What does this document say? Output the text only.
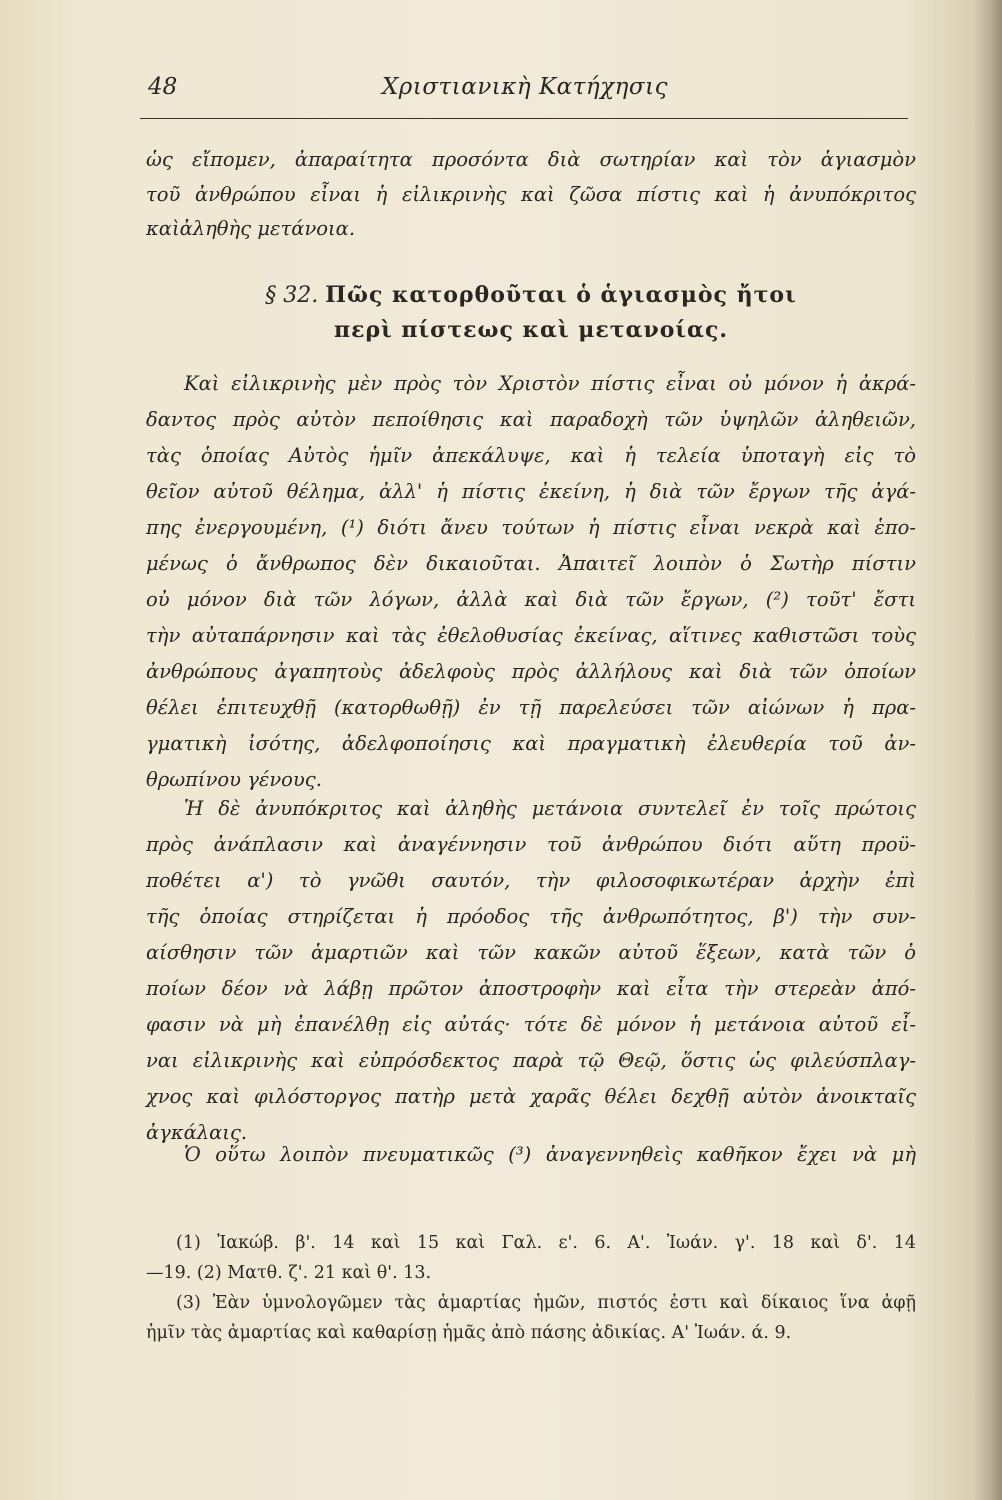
48	Χριστιανικὴ Κατήχησις
ὡς εἴπομεν, ἀπαραίτητα προσόντα διὰ σωτηρίαν καὶ τὸν ἁγιασμὸν
τοῦ ἀνθρώπου εἶναι ἡ εἰλικρινὴς καὶ ζῶσα πίστις καὶ ἡ ἀνυπόκριτος
καὶἀληθὴς μετάνοια.
§ 32. Πῶς κατορθοῦται ὁ ἁγιασμὸς ἤτοι
περὶ πίστεως καὶ μετανοίας.
Καὶ εἰλικρινὴς μὲν πρὸς τὸν Χριστὸν πίστις εἶναι οὐ μόνον ἡ ἀκρά-
δαντος πρὸς αὐτὸν πεποίθησις καὶ παραδοχὴ τῶν ὑψηλῶν ἀληθειῶν,
τὰς ὁποίας Αὐτὸς ἡμῖν ἀπεκάλυψε, καὶ ἡ τελεία ὑποταγὴ εἰς τὸ
θεῖον αὐτοῦ θέλημα, ἀλλ' ἡ πίστις ἐκείνη, ἡ διὰ τῶν ἔργων τῆς ἀγά-
πης ἐνεργουμένη, (¹) διότι ἄνευ τούτων ἡ πίστις εἶναι νεκρὰ καὶ ἑπο-
μένως ὁ ἄνθρωπος δὲν δικαιοῦται. Ἀπαιτεῖ λοιπὸν ὁ Σωτὴρ πίστιν
οὐ μόνον διὰ τῶν λόγων, ἀλλὰ καὶ διὰ τῶν ἔργων, (²) τοῦτ' ἔστι
τὴν αὐταπάρνησιν καὶ τὰς ἐθελοθυσίας ἐκείνας, αἵτινες καθιστῶσι τοὺς
ἀνθρώπους ἀγαπητοὺς ἀδελφοὺς πρὸς ἀλλήλους καὶ διὰ τῶν ὁποίων
θέλει ἐπιτευχθῇ (κατορθωθῇ) ἐν τῇ παρελεύσει τῶν αἰώνων ἡ πρα-
γματικὴ ἰσότης, ἀδελφοποίησις καὶ πραγματικὴ ἐλευθερία τοῦ ἀν-
θρωπίνου γένους.
Ἡ δὲ ἀνυπόκριτος καὶ ἀληθὴς μετάνοια συντελεῖ ἐν τοῖς πρώτοις
πρὸς ἀνάπλασιν καὶ ἀναγέννησιν τοῦ ἀνθρώπου διότι αὕτη προϋ-
ποθέτει α') τὸ γνῶθι σαυτόν, τὴν φιλοσοφικωτέραν ἀρχὴν ἐπὶ
τῆς ὁποίας στηρίζεται ἡ πρόοδος τῆς ἀνθρωπότητος, β') τὴν συν-
αίσθησιν τῶν ἁμαρτιῶν καὶ τῶν κακῶν αὐτοῦ ἕξεων, κατὰ τῶν ὁ
ποίων δέον νὰ λάβῃ πρῶτον ἀποστροφὴν καὶ εἶτα τὴν στερεὰν ἀπό-
φασιν νὰ μὴ ἐπανέλθῃ εἰς αὐτάς· τότε δὲ μόνον ἡ μετάνοια αὐτοῦ εἶ-
ναι εἰλικρινὴς καὶ εὐπρόσδεκτος παρὰ τῷ Θεῷ, ὅστις ὡς φιλεύσπλαγ-
χνος καὶ φιλόστοργος πατὴρ μετὰ χαρᾶς θέλει δεχθῇ αὐτὸν ἀνοικταῖς
ἀγκάλαις.
Ὁ οὕτω λοιπὸν πνευματικῶς (³) ἀναγεννηθεὶς καθῆκον ἔχει νὰ μὴ
(1) Ἰακώβ. β'. 14 καὶ 15 καὶ Γαλ. ε'. 6. Α'. Ἰωάν. γ'. 18 καὶ δ'. 14
—19. (2) Ματθ. ζ'. 21 καὶ θ'. 13.
(3) Ἐὰν ὑμνολογῶμεν τὰς ἁμαρτίας ἡμῶν, πιστός ἐστι καὶ δίκαιος ἵνα ἀφῇ
ἡμῖν τὰς ἁμαρτίας καὶ καθαρίσῃ ἡμᾶς ἀπὸ πάσης ἀδικίας. Α' Ἰωάν. ά. 9.
